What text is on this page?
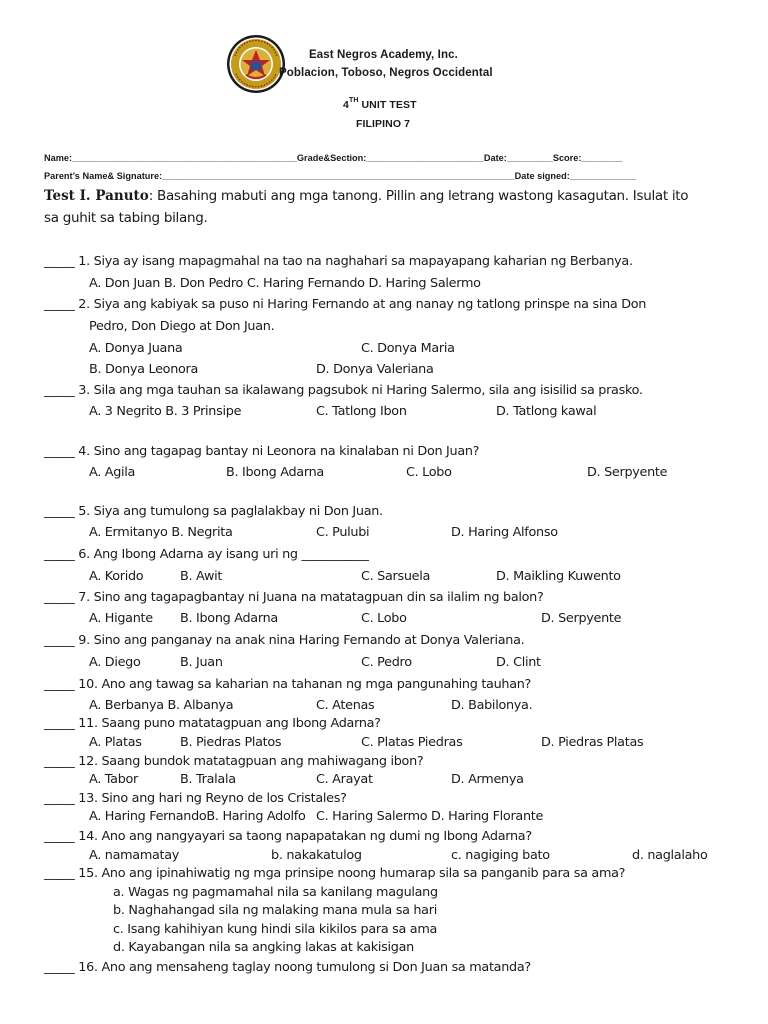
East Negros Academy, Inc.
Poblacion, Toboso, Negros Occidental
4TH UNIT TEST
FILIPINO 7
Name:____________________________________________Grade&Section:_______________________Date:_________Score:________
Parent’s Name& Signature:_____________________________________________________________________Date signed:_____________
Test I. Panuto: Basahing mabuti ang mga tanong. Pillin ang letrang wastong kasagutan. Isulat ito
sa guhit sa tabing bilang.
_____ 1. Siya ay isang mapagmahal na tao na naghahari sa mapayapang kaharian ng Berbanya.
A. Don Juan B. Don Pedro C. Haring Fernando D. Haring Salermo
_____ 2. Siya ang kabiyak sa puso ni Haring Fernando at ang nanay ng tatlong prinspe na sina Don
Pedro, Don Diego at Don Juan.
A. Donya Juana	C. Donya Maria
B. Donya Leonora	D. Donya Valeriana
_____ 3. Sila ang mga tauhan sa ikalawang pagsubok ni Haring Salermo, sila ang isisilid sa prasko.
A. 3 Negrito B. 3 Prinsipe	C. Tatlong Ibon	D. Tatlong kawal
_____ 4. Sino ang tagapag bantay ni Leonora na kinalaban ni Don Juan?
A. Agila	B. Ibong Adarna	C. Lobo	D. Serpyente
_____ 5. Siya ang tumulong sa paglalakbay ni Don Juan.
A. Ermitanyo B. Negrita	C. Pulubi	D. Haring Alfonso
_____ 6. Ang Ibong Adarna ay isang uri ng ___________
A. Korido	B. Awit	C. Sarsuela	D. Maikling Kuwento
_____ 7. Sino ang tagapagbantay ni Juana na matatagpuan din sa ilalim ng balon?
A. Higante B. Ibong Adarna	C. Lobo	D. Serpyente
_____ 9. Sino ang panganay na anak nina Haring Fernando at Donya Valeriana.
A. Diego	B. Juan	C. Pedro	D. Clint
_____ 10. Ano ang tawag sa kaharian na tahanan ng mga pangunahing tauhan?
A. Berbanya B. Albanya	C. Atenas	D. Babilonya.
_____ 11. Saang puno matatagpuan ang Ibong Adarna?
A. Platas	B. Piedras Platos	C. Platas Piedras	D. Piedras Platas
_____ 12. Saang bundok matatagpuan ang mahiwagang ibon?
A. Tabor	B. Tralala	C. Arayat	D. Armenya
_____ 13. Sino ang hari ng Reyno de los Cristales?
A. Haring FernandoB. Haring Adolfo C. Haring Salermo D. Haring Florante
_____ 14. Ano ang nangyayari sa taong napapatakan ng dumi ng Ibong Adarna?
A. namamatay	b. nakakatulog	c. nagiging bato	d. naglalaho
_____ 15. Ano ang ipinahiwatig ng mga prinsipe noong humarap sila sa panganib para sa ama?
a. Wagas ng pagmamahal nila sa kanilang magulang
b. Naghahangad sila ng malaking mana mula sa hari
c. Isang kahihiyan kung hindi sila kikilos para sa ama
d. Kayabangan nila sa angking lakas at kakisigan
_____ 16. Ano ang mensaheng taglay noong tumulong si Don Juan sa matanda?
